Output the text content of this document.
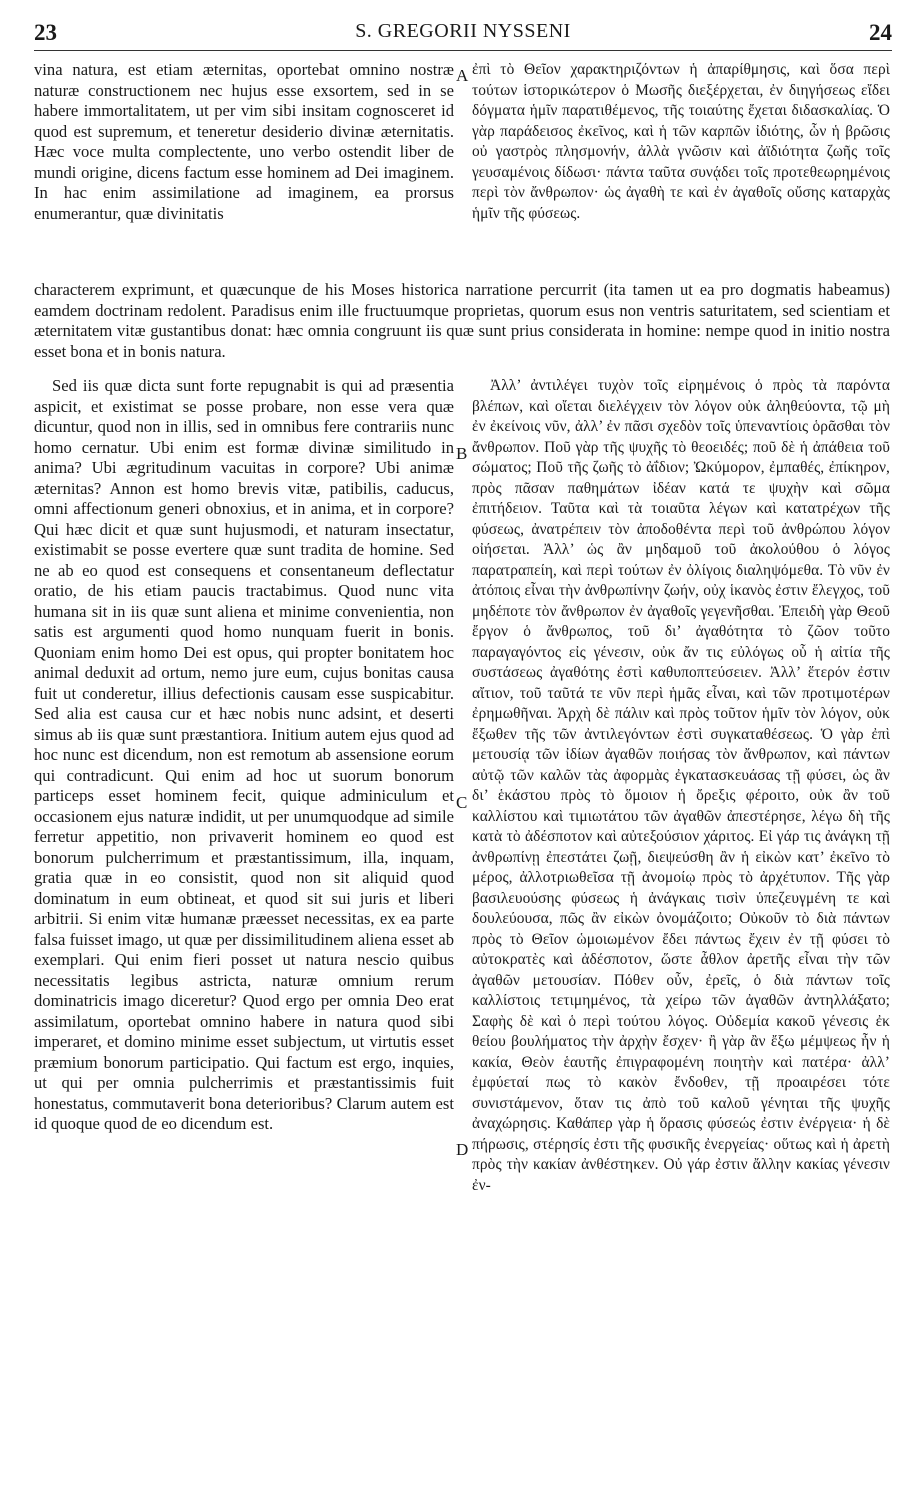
23	S. GREGORII NYSSENI	24

vina natura, est etiam æternitas, oportebat omnino nostræ naturæ constructionem nec hujus esse exsortem, sed in se habere immortalitatem, ut per vim sibi insitam cognosceret id quod est supremum, et teneretur desiderio divinæ æternitatis. Hæc voce multa complectente, uno verbo ostendit liber de mundi origine, dicens factum esse hominem ad Dei imaginem. In hac enim assimilatione ad imaginem, ea prorsus enumerantur, quæ divinitatis

ἐπὶ τὸ Θεῖον χαρακτηριζόντων ἡ ἀπαρίθμησις, καὶ ὅσα περὶ τούτων ἱστορικώτερον ὁ Μωσῆς διεξέρχεται, ἐν διηγήσεως εἴδει δόγματα ἡμῖν παρατιθέμενος, τῆς τοιαύτης ἔχεται διδασκαλίας. Ὁ γὰρ παράδεισος ἐκεῖνος, καὶ ἡ τῶν καρπῶν ἰδιότης, ὧν ἡ βρῶσις οὐ γαστρὸς πλησμονήν, ἀλλὰ γνῶσιν καὶ ἀϊδιότητα ζωῆς τοῖς γευσαμένοις δίδωσι· πάντα ταῦτα συνᾴδει τοῖς προτεθεωρημένοις περὶ τὸν ἄνθρωπον· ὡς ἀγαθὴ τε καὶ ἐν ἀγαθοῖς οὔσης καταρχὰς ἡμῖν τῆς φύσεως.

characterem exprimunt, et quæcunque de his Moses historica narratione percurrit (ita tamen ut ea pro dogmatis habeamus) eamdem doctrinam redolent. Paradisus enim ille fructuumque proprietas, quorum esus non ventris saturitatem, sed scientiam et æternitatem vitæ gustantibus donat: hæc omnia congruunt iis quæ sunt prius considerata in homine: nempe quod in initio nostra esset bona et in bonis natura.

Sed iis quæ dicta sunt forte repugnabit is qui ad præsentia aspicit, et existimat se posse probare, non esse vera quæ dicuntur, quod non in illis, sed in omnibus fere contrariis nunc homo cernatur. Ubi enim est formæ divinæ similitudo in anima? Ubi ægritudinum vacuitas in corpore? Ubi animæ æternitas? Annon est homo brevis vitæ, patibilis, caducus, omni affectionum generi obnoxius, et in anima, et in corpore? Qui hæc dicit et quæ sunt hujusmodi, et naturam insectatur, existimabit se posse evertere quæ sunt tradita de homine. Sed ne ab eo quod est consequens et consentaneum deflectatur oratio, de his etiam paucis tractabimus. Quod nunc vita humana sit in iis quæ sunt aliena et minime convenientia, non satis est argumenti quod homo nunquam fuerit in bonis. Quoniam enim homo Dei est opus, qui propter bonitatem hoc animal deduxit ad ortum, nemo jure eum, cujus bonitas causa fuit ut conderetur, illius defectionis causam esse suspicabitur. Sed alia est causa cur et hæc nobis nunc adsint, et deserti simus ab iis quæ sunt præstantiora. Initium autem ejus quod ad hoc nunc est dicendum, non est remotum ab assensione eorum qui contradicunt. Qui enim ad hoc ut suorum bonorum particeps esset hominem fecit, quique adminiculum et occasionem ejus naturæ indidit, ut per unumquodque ad simile ferretur appetitio, non privaverit hominem eo quod est bonorum pulcherrimum et præstantissimum, illa, inquam, gratia quæ in eo consistit, quod non sit aliquid quod dominatum in eum obtineat, et quod sit sui juris et liberi arbitrii. Si enim vitæ humanæ præesset necessitas, ex ea parte falsa fuisset imago, ut quæ per dissimilitudinem aliena esset ab exemplari. Qui enim fieri posset ut natura nescio quibus necessitatis legibus astricta, naturæ omnium rerum dominatricis imago diceretur? Quod ergo per omnia Deo erat assimilatum, oportebat omnino habere in natura quod sibi imperaret, et domino minime esset subjectum, ut virtutis esset præmium bonorum participatio. Qui factum est ergo, inquies, ut qui per omnia pulcherrimis et præstantissimis fuit honestatus, commutaverit bona deterioribus? Clarum autem est id quoque quod de eo dicendum est.

Ἀλλ’ ἀντιλέγει τυχὸν τοῖς εἰρημένοις ὁ πρὸς τὰ παρόντα βλέπων, καὶ οἴεται διελέγχειν τὸν λόγον οὐκ ἀληθεύοντα, τῷ μὴ ἐν ἐκείνοις νῦν, ἀλλ’ ἐν πᾶσι σχεδὸν τοῖς ὑπεναντίοις ὁρᾶσθαι τὸν ἄνθρωπον. Ποῦ γὰρ τῆς ψυχῆς τὸ θεοειδές; ποῦ δὲ ἡ ἀπάθεια τοῦ σώματος; Ποῦ τῆς ζωῆς τὸ ἀΐδιον; Ὠκύμορον, ἐμπαθές, ἐπίκηρον, πρὸς πᾶσαν παθημάτων ἰδέαν κατά τε ψυχὴν καὶ σῶμα ἐπιτήδειον. Ταῦτα καὶ τὰ τοιαῦτα λέγων καὶ κατατρέχων τῆς φύσεως, ἀνατρέπειν τὸν ἀποδοθέντα περὶ τοῦ ἀνθρώπου λόγον οἰήσεται. Ἀλλ’ ὡς ἂν μηδαμοῦ τοῦ ἀκολούθου ὁ λόγος παρατραπείη, καὶ περὶ τούτων ἐν ὀλίγοις διαληψόμεθα. Τὸ νῦν ἐν ἀτόποις εἶναι τὴν ἀνθρωπίνην ζωήν, οὐχ ἱκανὸς ἐστιν ἔλεγχος, τοῦ μηδέποτε τὸν ἄνθρωπον ἐν ἀγαθοῖς γεγενῆσθαι. Ἐπειδὴ γὰρ Θεοῦ ἔργον ὁ ἄνθρωπος, τοῦ δι’ ἀγαθότητα τὸ ζῶον τοῦτο παραγαγόντος εἰς γένεσιν, οὐκ ἄν τις εὐλόγως οὗ ἡ αἰτία τῆς συστάσεως ἀγαθότης ἐστὶ καθυποπτεύσειεν. Ἀλλ’ ἕτερόν ἐστιν αἴτιον, τοῦ ταῦτά τε νῦν περὶ ἡμᾶς εἶναι, καὶ τῶν προτιμοτέρων ἐρημωθῆναι. Ἀρχὴ δὲ πάλιν καὶ πρὸς τοῦτον ἡμῖν τὸν λόγον, οὐκ ἔξωθεν τῆς τῶν ἀντιλεγόντων ἐστὶ συγκαταθέσεως. Ὁ γὰρ ἐπὶ μετουσίᾳ τῶν ἰδίων ἀγαθῶν ποιήσας τὸν ἄνθρωπον, καὶ πάντων αὐτῷ τῶν καλῶν τὰς ἀφορμὰς ἐγκατασκευάσας τῇ φύσει, ὡς ἂν δι’ ἑκάστου πρὸς τὸ ὅμοιον ἡ ὄρεξις φέροιτο, οὐκ ἂν τοῦ καλλίστου καὶ τιμιωτάτου τῶν ἀγαθῶν ἀπεστέρησε, λέγω δὴ τῆς κατὰ τὸ ἀδέσποτον καὶ αὐτεξούσιον χάριτος. Εἰ γάρ τις ἀνάγκη τῇ ἀνθρωπίνῃ ἐπεστάτει ζωῇ, διεψεύσθη ἂν ἡ εἰκὼν κατ’ ἐκεῖνο τὸ μέρος, ἀλλοτριωθεῖσα τῇ ἀνομοίῳ πρὸς τὸ ἀρχέτυπον. Τῆς γὰρ βασιλευούσης φύσεως ἡ ἀνάγκαις τισὶν ὑπεζευγμένη τε καὶ δουλεύουσα, πῶς ἂν εἰκὼν ὀνομάζοιτο; Οὐκοῦν τὸ διὰ πάντων πρὸς τὸ Θεῖον ὡμοιωμένον ἔδει πάντως ἔχειν ἐν τῇ φύσει τὸ αὐτοκρατὲς καὶ ἀδέσποτον, ὥστε ἆθλον ἀρετῆς εἶναι τὴν τῶν ἀγαθῶν μετουσίαν. Πόθεν οὖν, ἐρεῖς, ὁ διὰ πάντων τοῖς καλλίστοις τετιμημένος, τὰ χείρω τῶν ἀγαθῶν ἀντηλλάξατο; Σαφὴς δὲ καὶ ὁ περὶ τούτου λόγος. Οὐδεμία κακοῦ γένεσις ἐκ θείου βουλήματος τὴν ἀρχὴν ἔσχεν· ἢ γὰρ ἂν ἔξω μέμψεως ἦν ἡ κακία, Θεὸν ἑαυτῆς ἐπιγραφομένη ποιητὴν καὶ πατέρα· ἀλλ’ ἐμφύεταί πως τὸ κακὸν ἔνδοθεν, τῇ προαιρέσει τότε συνιστάμενον, ὅταν τις ἀπὸ τοῦ καλοῦ γένηται τῆς ψυχῆς ἀναχώρησις. Καθάπερ γὰρ ἡ ὅρασις φύσεώς ἐστιν ἐνέργεια· ἡ δὲ πήρωσις, στέρησίς ἐστι τῆς φυσικῆς ἐνεργείας· οὕτως καὶ ἡ ἀρετὴ πρὸς τὴν κακίαν ἀνθέστηκεν. Οὐ γάρ ἐστιν ἄλλην κακίας γένεσιν ἐν-

A
B
C
D
